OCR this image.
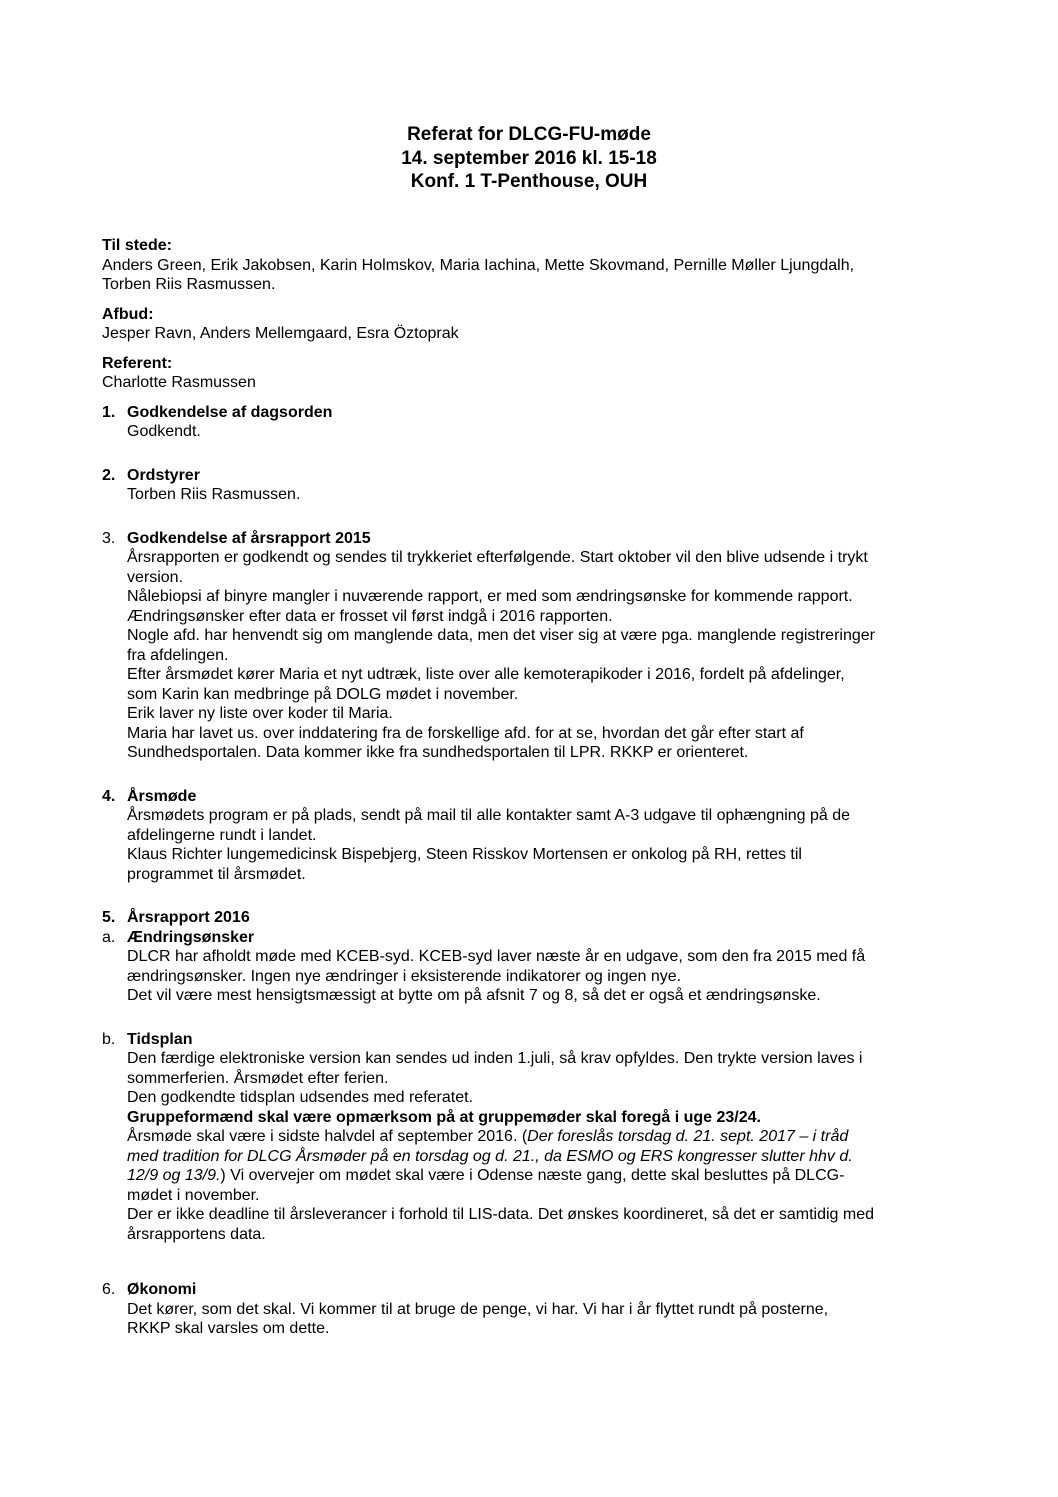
Referat for DLCG-FU-møde
14. september 2016 kl. 15-18
Konf. 1 T-Penthouse, OUH
Til stede:
Anders Green, Erik Jakobsen, Karin Holmskov, Maria Iachina, Mette Skovmand, Pernille Møller Ljungdalh,
Torben Riis Rasmussen.
Afbud:
Jesper Ravn, Anders Mellemgaard, Esra Öztoprak
Referent:
Charlotte Rasmussen
1. Godkendelse af dagsorden
Godkendt.
2. Ordstyrer
Torben Riis Rasmussen.
3. Godkendelse af årsrapport 2015
Årsrapporten er godkendt og sendes til trykkeriet efterfølgende. Start oktober vil den blive udsende i trykt
version.
Nålebiopsi af binyre mangler i nuværende rapport, er med som ændringsønske for kommende rapport.
Ændringsønsker efter data er frosset vil først indgå i 2016 rapporten.
Nogle afd. har henvendt sig om manglende data, men det viser sig at være pga. manglende registreringer
fra afdelingen.
Efter årsmødet kører Maria et nyt udtræk, liste over alle kemoterapikoder i 2016, fordelt på afdelinger,
som Karin kan medbringe på DOLG mødet i november.
Erik laver ny liste over koder til Maria.
Maria har lavet us. over inddatering fra de forskellige afd. for at se, hvordan det går efter start af
Sundhedsportalen. Data kommer ikke fra sundhedsportalen til LPR. RKKP er orienteret.
4. Årsmøde
Årsmødets program er på plads, sendt på mail til alle kontakter samt A-3 udgave til ophængning på de
afdelingerne rundt i landet.
Klaus Richter lungemedicinsk Bispebjerg, Steen Risskov Mortensen er onkolog på RH, rettes til
programmet til årsmødet.
5. Årsrapport 2016
a. Ændringsønsker
DLCR har afholdt møde med KCEB-syd. KCEB-syd laver næste år en udgave, som den fra 2015 med få
ændringsønsker. Ingen nye ændringer i eksisterende indikatorer og ingen nye.
Det vil være mest hensigtsmæssigt at bytte om på afsnit 7 og 8, så det er også et ændringsønske.
b. Tidsplan
Den færdige elektroniske version kan sendes ud inden 1.juli, så krav opfyldes. Den trykte version laves i
sommerferien. Årsmødet efter ferien.
Den godkendte tidsplan udsendes med referatet.
Gruppeformænd skal være opmærksom på at gruppemøder skal foregå i uge 23/24.
Årsmøde skal være i sidste halvdel af september 2016. (Der foreslås torsdag d. 21. sept. 2017 – i tråd
med tradition for DLCG Årsmøder på en torsdag og d. 21., da ESMO og ERS kongresser slutter hhv d.
12/9 og 13/9.) Vi overvejer om mødet skal være i Odense næste gang, dette skal besluttes på DLCG-
mødet i november.
Der er ikke deadline til årsleverancer i forhold til LIS-data. Det ønskes koordineret, så det er samtidig med
årsrapportens data.
6. Økonomi
Det kører, som det skal. Vi kommer til at bruge de penge, vi har. Vi har i år flyttet rundt på posterne,
RKKP skal varsles om dette.
